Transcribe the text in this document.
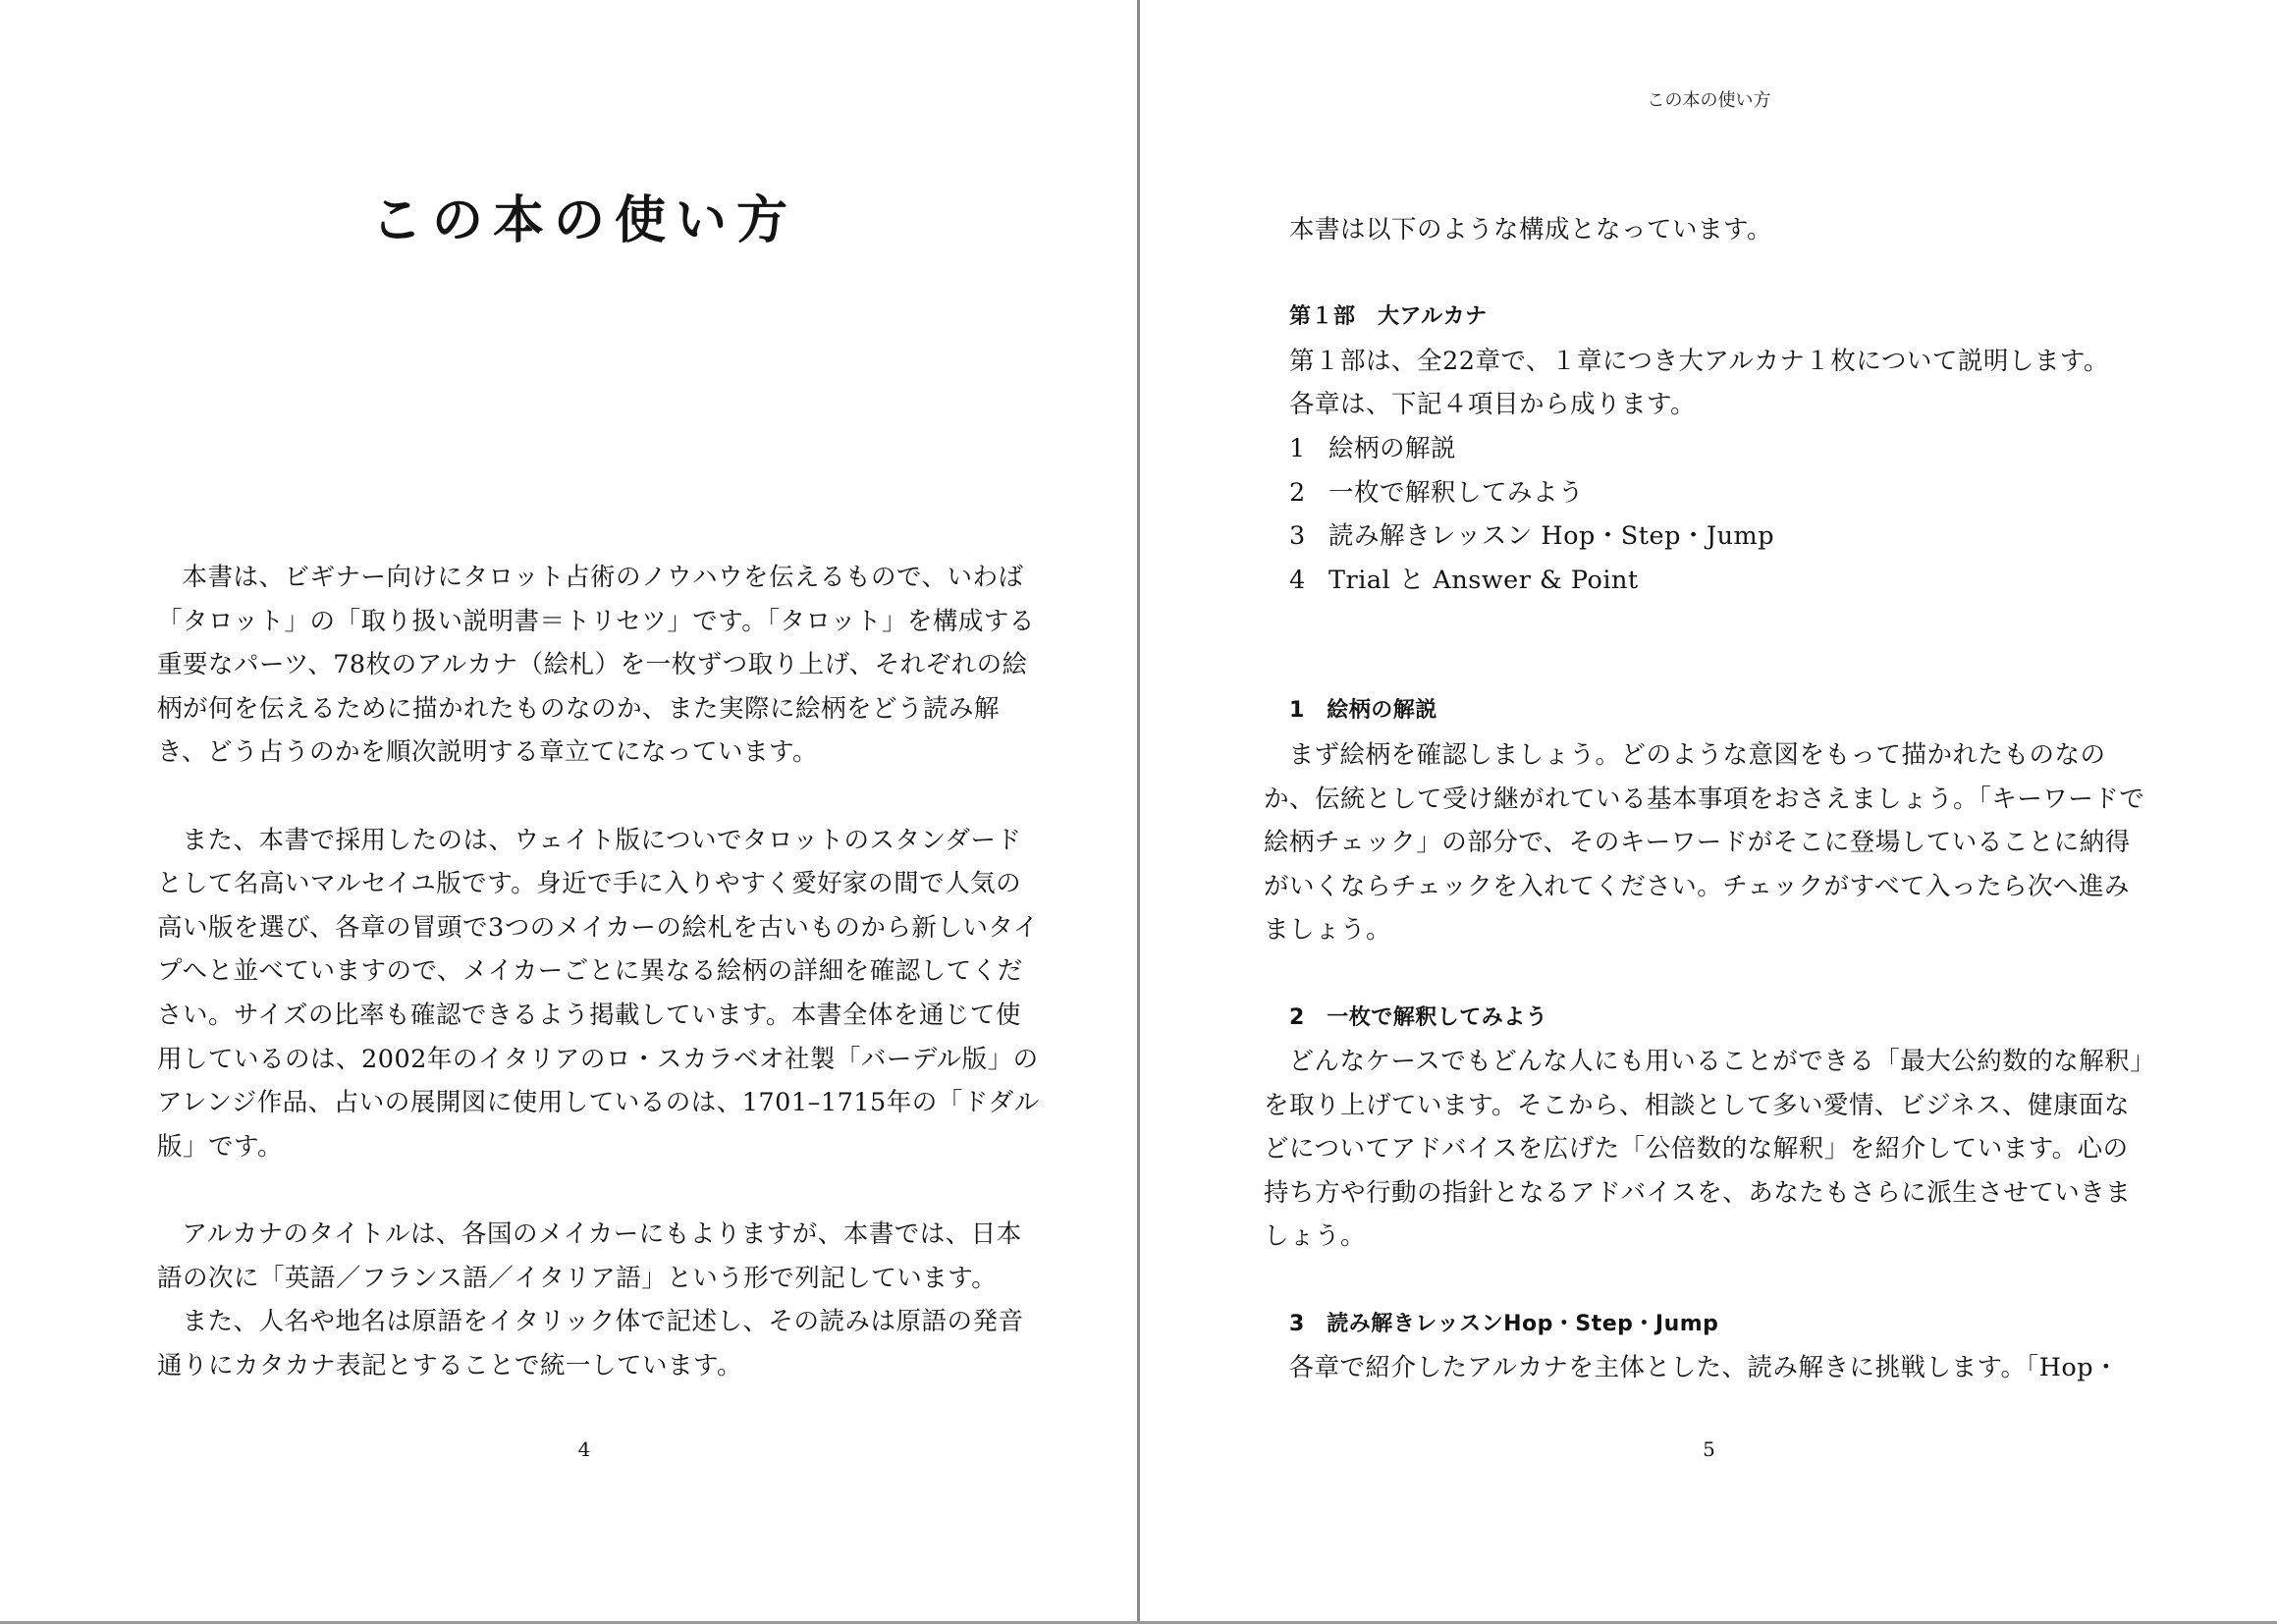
この本の使い方

本書は、ビギナー向けにタロット占術のノウハウを伝えるもので、いわば「タロット」の「取り扱い説明書＝トリセツ」です。「タロット」を構成する重要なパーツ、78枚のアルカナ（絵札）を一枚ずつ取り上げ、それぞれの絵柄が何を伝えるために描かれたものなのか、また実際に絵柄をどう読み解き、どう占うのかを順次説明する章立てになっています。

また、本書で採用したのは、ウェイト版についでタロットのスタンダードとして名高いマルセイユ版です。身近で手に入りやすく愛好家の間で人気の高い版を選び、各章の冒頭で3つのメイカーの絵札を古いものから新しいタイプへと並べていますので、メイカーごとに異なる絵柄の詳細を確認してください。サイズの比率も確認できるよう掲載しています。本書全体を通じて使用しているのは、2002年のイタリアのロ・スカラベオ社製「バーデル版」のアレンジ作品、占いの展開図に使用しているのは、1701–1715年の「ドダル版」です。

アルカナのタイトルは、各国のメイカーにもよりますが、本書では、日本語の次に「英語／フランス語／イタリア語」という形で列記しています。

また、人名や地名は原語をイタリック体で記述し、その読みは原語の発音通りにカタカナ表記とすることで統一しています。

4
この本の使い方

本書は以下のような構成となっています。

第１部　大アルカナ

第１部は、全22章で、１章につき大アルカナ１枚について説明します。

各章は、下記４項目から成ります。

1 絵柄の解説

2 一枚で解釈してみよう

3 読み解きレッスン Hop・Step・Jump

4 Trial と Answer & Point

1　絵柄の解説

まず絵柄を確認しましょう。どのような意図をもって描かれたものなのか、伝統として受け継がれている基本事項をおさえましょう。「キーワードで絵柄チェック」の部分で、そのキーワードがそこに登場していることに納得がいくならチェックを入れてください。チェックがすべて入ったら次へ進みましょう。

2　一枚で解釈してみよう

どんなケースでもどんな人にも用いることができる「最大公約数的な解釈」を取り上げています。そこから、相談として多い愛情、ビジネス、健康面などについてアドバイスを広げた「公倍数的な解釈」を紹介しています。心の持ち方や行動の指針となるアドバイスを、あなたもさらに派生させていきましょう。

3　読み解きレッスンHop・Step・Jump

各章で紹介したアルカナを主体とした、読み解きに挑戦します。「Hop・

5
